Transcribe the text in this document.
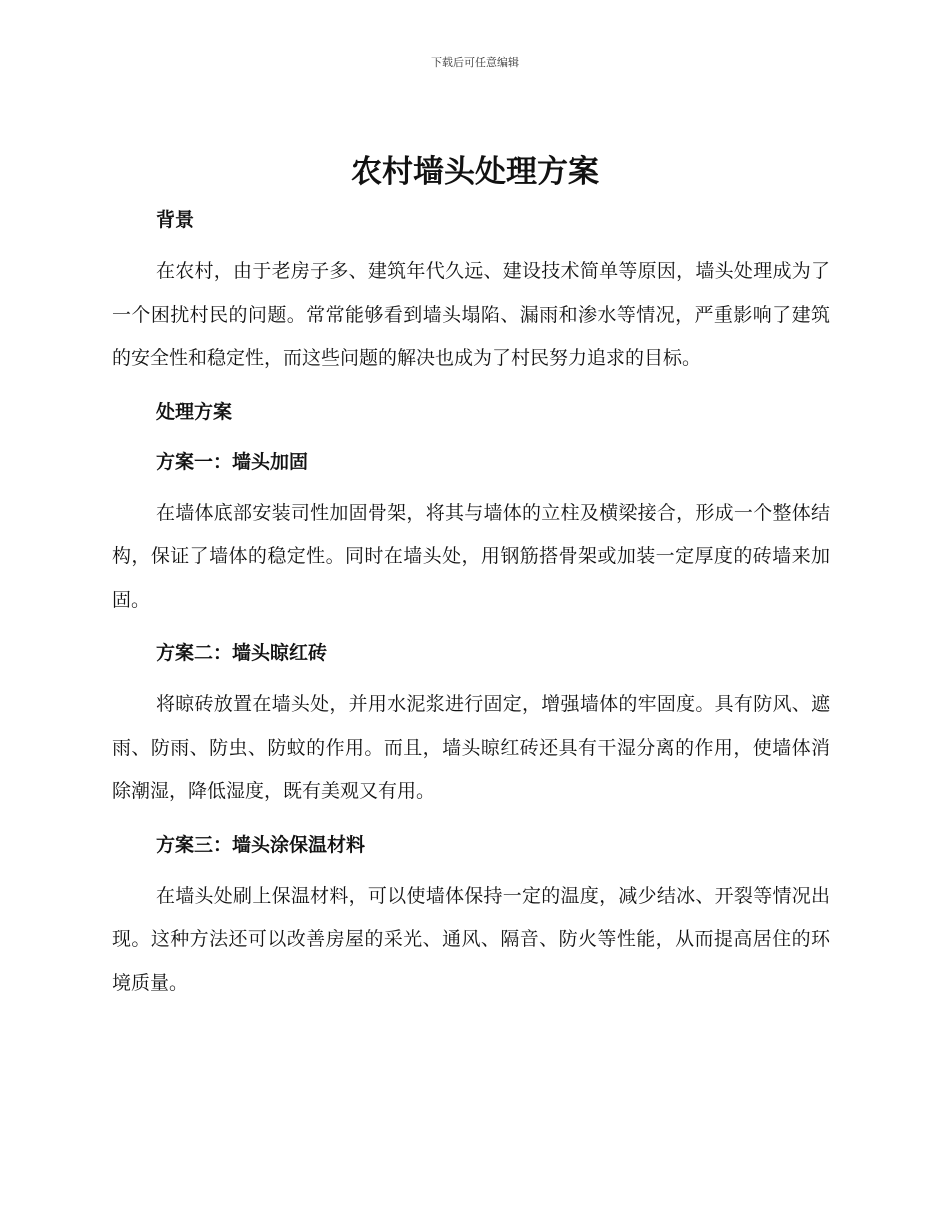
下载后可任意编辑
农村墙头处理方案

背景

在农村，由于老房子多、建筑年代久远、建设技术简单等原因，墙头处理成为了一个困扰村民的问题。常常能够看到墙头塌陷、漏雨和渗水等情况，严重影响了建筑的安全性和稳定性，而这些问题的解决也成为了村民努力追求的目标。

处理方案

方案一：墙头加固

在墙体底部安装司性加固骨架，将其与墙体的立柱及横梁接合，形成一个整体结构，保证了墙体的稳定性。同时在墙头处，用钢筋搭骨架或加装一定厚度的砖墙来加固。

方案二：墙头晾红砖

将晾砖放置在墙头处，并用水泥浆进行固定，增强墙体的牢固度。具有防风、遮雨、防雨、防虫、防蚊的作用。而且，墙头晾红砖还具有干湿分离的作用，使墙体消除潮湿，降低湿度，既有美观又有用。

方案三：墙头涂保温材料

在墙头处刷上保温材料，可以使墙体保持一定的温度，减少结冰、开裂等情况出现。这种方法还可以改善房屋的采光、通风、隔音、防火等性能，从而提高居住的环境质量。
